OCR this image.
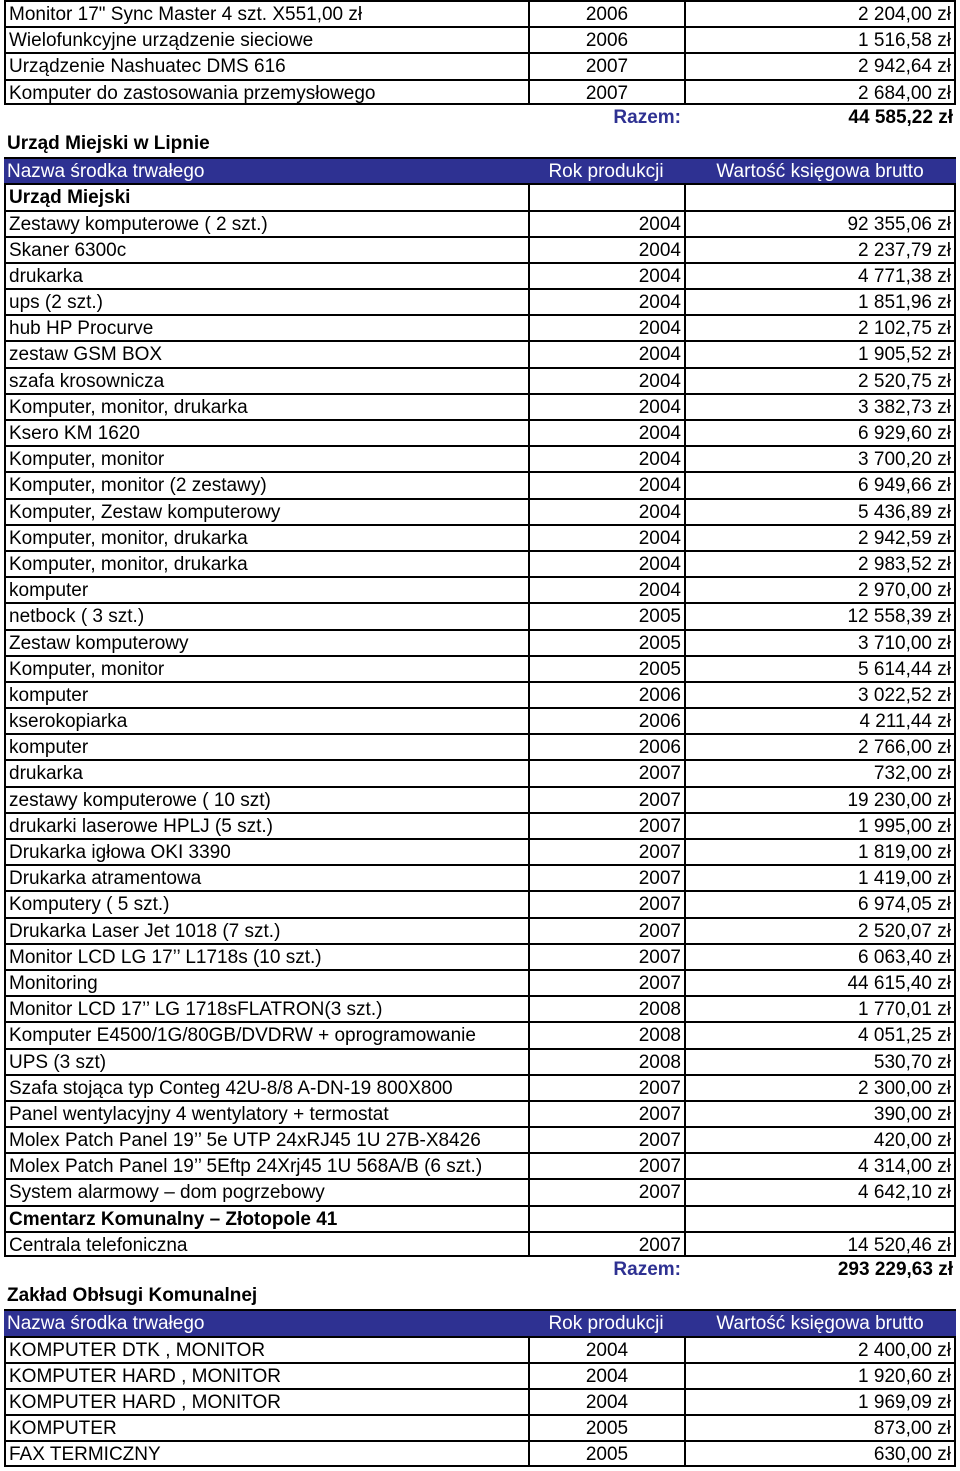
Monitor 17" Sync Master 4 szt. X551,00 zł	2006	2 204,00 zł
Wielofunkcyjne urządzenie sieciowe	2006	1 516,58 zł
Urządzenie Nashuatec DMS 616	2007	2 942,64 zł
Komputer do zastosowania przemysłowego	2007	2 684,00 zł
Razem:	44 585,22 zł
Urząd Miejski w Lipnie
Nazwa środka trwałego	Rok produkcji	Wartość księgowa brutto
Urząd Miejski
Zestawy komputerowe ( 2 szt.)	2004	92 355,06 zł
Skaner 6300c	2004	2 237,79 zł
drukarka	2004	4 771,38 zł
ups (2 szt.)	2004	1 851,96 zł
hub HP Procurve	2004	2 102,75 zł
zestaw GSM BOX	2004	1 905,52 zł
szafa krosownicza	2004	2 520,75 zł
Komputer, monitor, drukarka	2004	3 382,73 zł
Ksero KM 1620	2004	6 929,60 zł
Komputer, monitor	2004	3 700,20 zł
Komputer, monitor (2 zestawy)	2004	6 949,66 zł
Komputer, Zestaw komputerowy	2004	5 436,89 zł
Komputer, monitor, drukarka	2004	2 942,59 zł
Komputer, monitor, drukarka	2004	2 983,52 zł
komputer	2004	2 970,00 zł
netbock ( 3 szt.)	2005	12 558,39 zł
Zestaw komputerowy	2005	3 710,00 zł
Komputer, monitor	2005	5 614,44 zł
komputer	2006	3 022,52 zł
kserokopiarka	2006	4 211,44 zł
komputer	2006	2 766,00 zł
drukarka	2007	732,00 zł
zestawy komputerowe ( 10 szt)	2007	19 230,00 zł
drukarki laserowe HPLJ (5 szt.)	2007	1 995,00 zł
Drukarka igłowa OKI 3390	2007	1 819,00 zł
Drukarka atramentowa	2007	1 419,00 zł
Komputery ( 5 szt.)	2007	6 974,05 zł
Drukarka Laser Jet 1018 (7 szt.)	2007	2 520,07 zł
Monitor LCD LG 17’’ L1718s (10 szt.)	2007	6 063,40 zł
Monitoring	2007	44 615,40 zł
Monitor LCD 17’’ LG 1718sFLATRON(3 szt.)	2008	1 770,01 zł
Komputer E4500/1G/80GB/DVDRW + oprogramowanie	2008	4 051,25 zł
UPS (3 szt)	2008	530,70 zł
Szafa stojąca typ Conteg 42U-8/8 A-DN-19 800X800	2007	2 300,00 zł
Panel wentylacyjny 4 wentylatory + termostat	2007	390,00 zł
Molex Patch Panel 19’’ 5e UTP 24xRJ45 1U 27B-X8426	2007	420,00 zł
Molex Patch Panel 19’’ 5Eftp 24Xrj45 1U 568A/B (6 szt.)	2007	4 314,00 zł
System alarmowy – dom pogrzebowy	2007	4 642,10 zł
Cmentarz Komunalny – Złotopole 41
Centrala telefoniczna	2007	14 520,46 zł
Razem:	293 229,63 zł
Zakład Obłsugi Komunalnej
Nazwa środka trwałego	Rok produkcji	Wartość księgowa brutto
KOMPUTER DTK , MONITOR	2004	2 400,00 zł
KOMPUTER HARD , MONITOR	2004	1 920,60 zł
KOMPUTER HARD , MONITOR	2004	1 969,09 zł
KOMPUTER	2005	873,00 zł
FAX TERMICZNY	2005	630,00 zł
